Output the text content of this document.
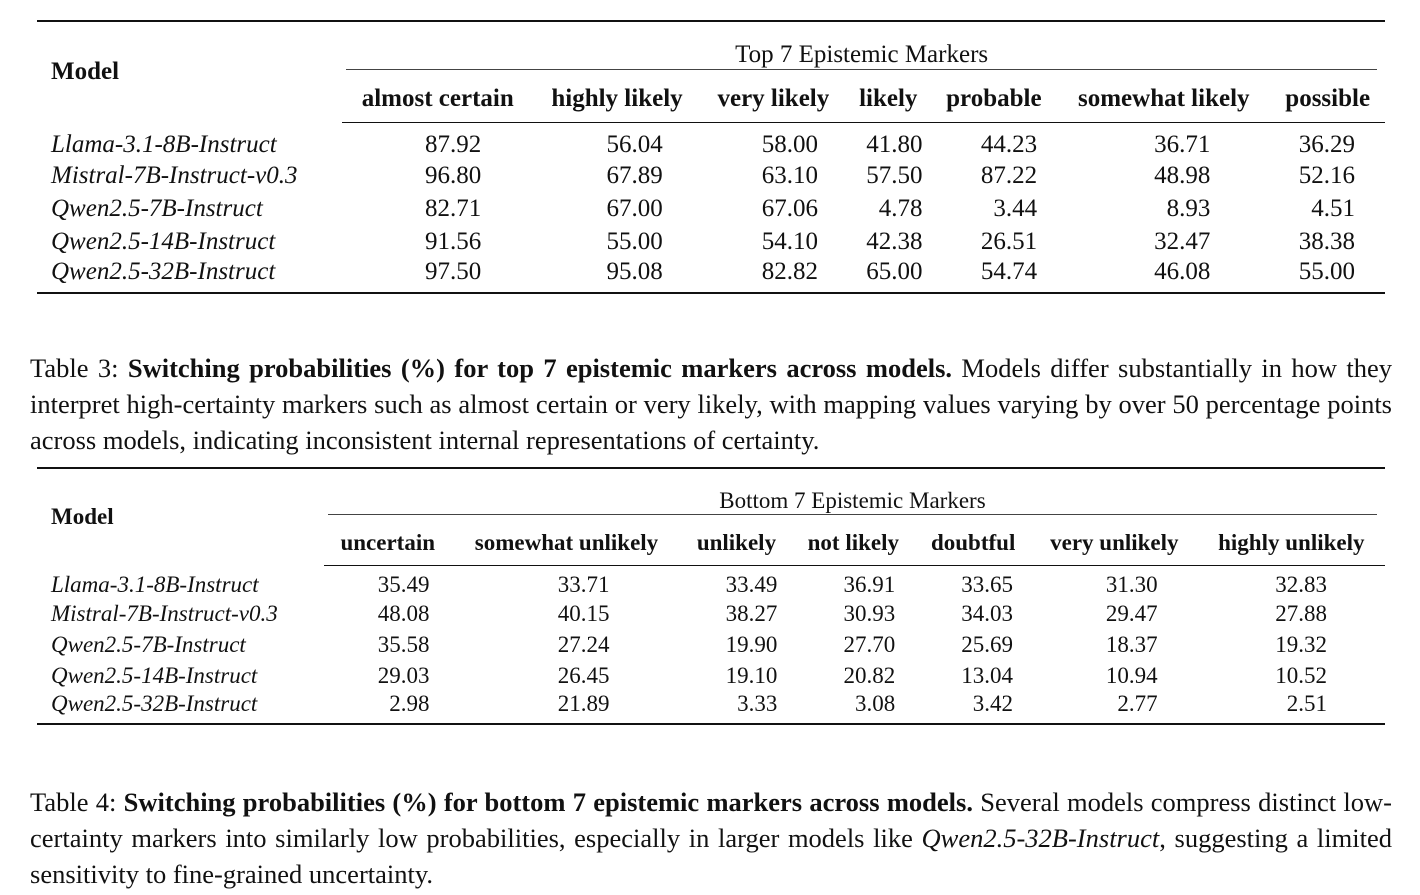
Model	Top 7 Epistemic Markers						

	almost certain	highly likely	very likely	likely	probable	somewhat likely	possible
Llama-3.1-8B-Instruct	87.92	56.04	58.00	41.80	44.23	36.71	36.29
Mistral-7B-Instruct-v0.3	96.80	67.89	63.10	57.50	87.22	48.98	52.16
Qwen2.5-7B-Instruct	82.71	67.00	67.06	4.78	3.44	8.93	4.51
Qwen2.5-14B-Instruct	91.56	55.00	54.10	42.38	26.51	32.47	38.38
Qwen2.5-32B-Instruct	97.50	95.08	82.82	65.00	54.74	46.08	55.00

Table 3: Switching probabilities (%) for top 7 epistemic markers across models. Models differ substantially in how they interpret high-certainty markers such as almost certain or very likely, with mapping values varying by over 50 percentage points across models, indicating inconsistent internal representations of certainty.

Model	Bottom 7 Epistemic Markers						

	uncertain	somewhat unlikely	unlikely	not likely	doubtful	very unlikely	highly unlikely
Llama-3.1-8B-Instruct	35.49	33.71	33.49	36.91	33.65	31.30	32.83
Mistral-7B-Instruct-v0.3	48.08	40.15	38.27	30.93	34.03	29.47	27.88
Qwen2.5-7B-Instruct	35.58	27.24	19.90	27.70	25.69	18.37	19.32
Qwen2.5-14B-Instruct	29.03	26.45	19.10	20.82	13.04	10.94	10.52
Qwen2.5-32B-Instruct	2.98	21.89	3.33	3.08	3.42	2.77	2.51

Table 4: Switching probabilities (%) for bottom 7 epistemic markers across models. Several models compress distinct low-certainty markers into similarly low probabilities, especially in larger models like Qwen2.5-32B-Instruct, suggesting a limited sensitivity to fine-grained uncertainty.
